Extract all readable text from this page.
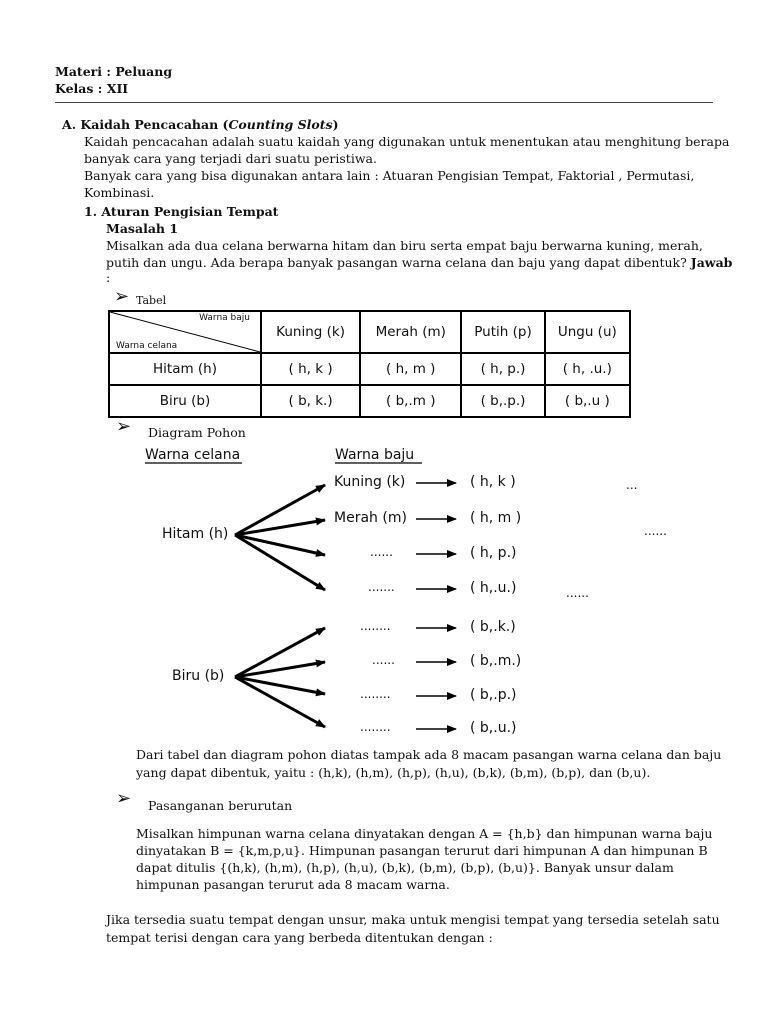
Materi : Peluang
Kelas : XII
A. Kaidah Pencacahan (Counting Slots)
Kaidah pencacahan adalah suatu kaidah yang digunakan untuk menentukan atau menghitung berapa
banyak cara yang terjadi dari suatu peristiwa.
Banyak cara yang bisa digunakan antara lain : Atuaran Pengisian Tempat, Faktorial , Permutasi,
Kombinasi.
1. Aturan Pengisian Tempat
Masalah 1
Misalkan ada dua celana berwarna hitam dan biru serta empat baju berwarna kuning, merah,
putih dan ungu. Ada berapa banyak pasangan warna celana dan baju yang dapat dibentuk? Jawab
:
➢ Tabel
Warna baju
Warna celana	Kuning (k)	Merah (m)	Putih (p)	Ungu (u)
Hitam (h)	( h, k )	( h, m )	( h, p.)	( h, .u.)
Biru (b)	( b, k.)	( b,.m )	( b,.p.)	( b,.u )
➢ Diagram Pohon
Warna celana	Warna baju
Hitam (h)
Biru (b)
Kuning (k)
Merah (m)
......
.......
........
......
........
........
( h, k )
( h, m )
( h, p.)
( h,.u.)
( b,.k.)
( b,.m.)
( b,.p.)
( b,.u.)
...
......
......
Dari tabel dan diagram pohon diatas tampak ada 8 macam pasangan warna celana dan baju
yang dapat dibentuk, yaitu : (h,k), (h,m), (h,p), (h,u), (b,k), (b,m), (b,p), dan (b,u).
➢ Pasanganan berurutan
Misalkan himpunan warna celana dinyatakan dengan A = {h,b} dan himpunan warna baju
dinyatakan B = {k,m,p,u}. Himpunan pasangan terurut dari himpunan A dan himpunan B
dapat ditulis {(h,k), (h,m), (h,p), (h,u), (b,k), (b,m), (b,p), (b,u)}. Banyak unsur dalam
himpunan pasangan terurut ada 8 macam warna.
Jika tersedia suatu tempat dengan unsur, maka untuk mengisi tempat yang tersedia setelah satu
tempat terisi dengan cara yang berbeda ditentukan dengan :
